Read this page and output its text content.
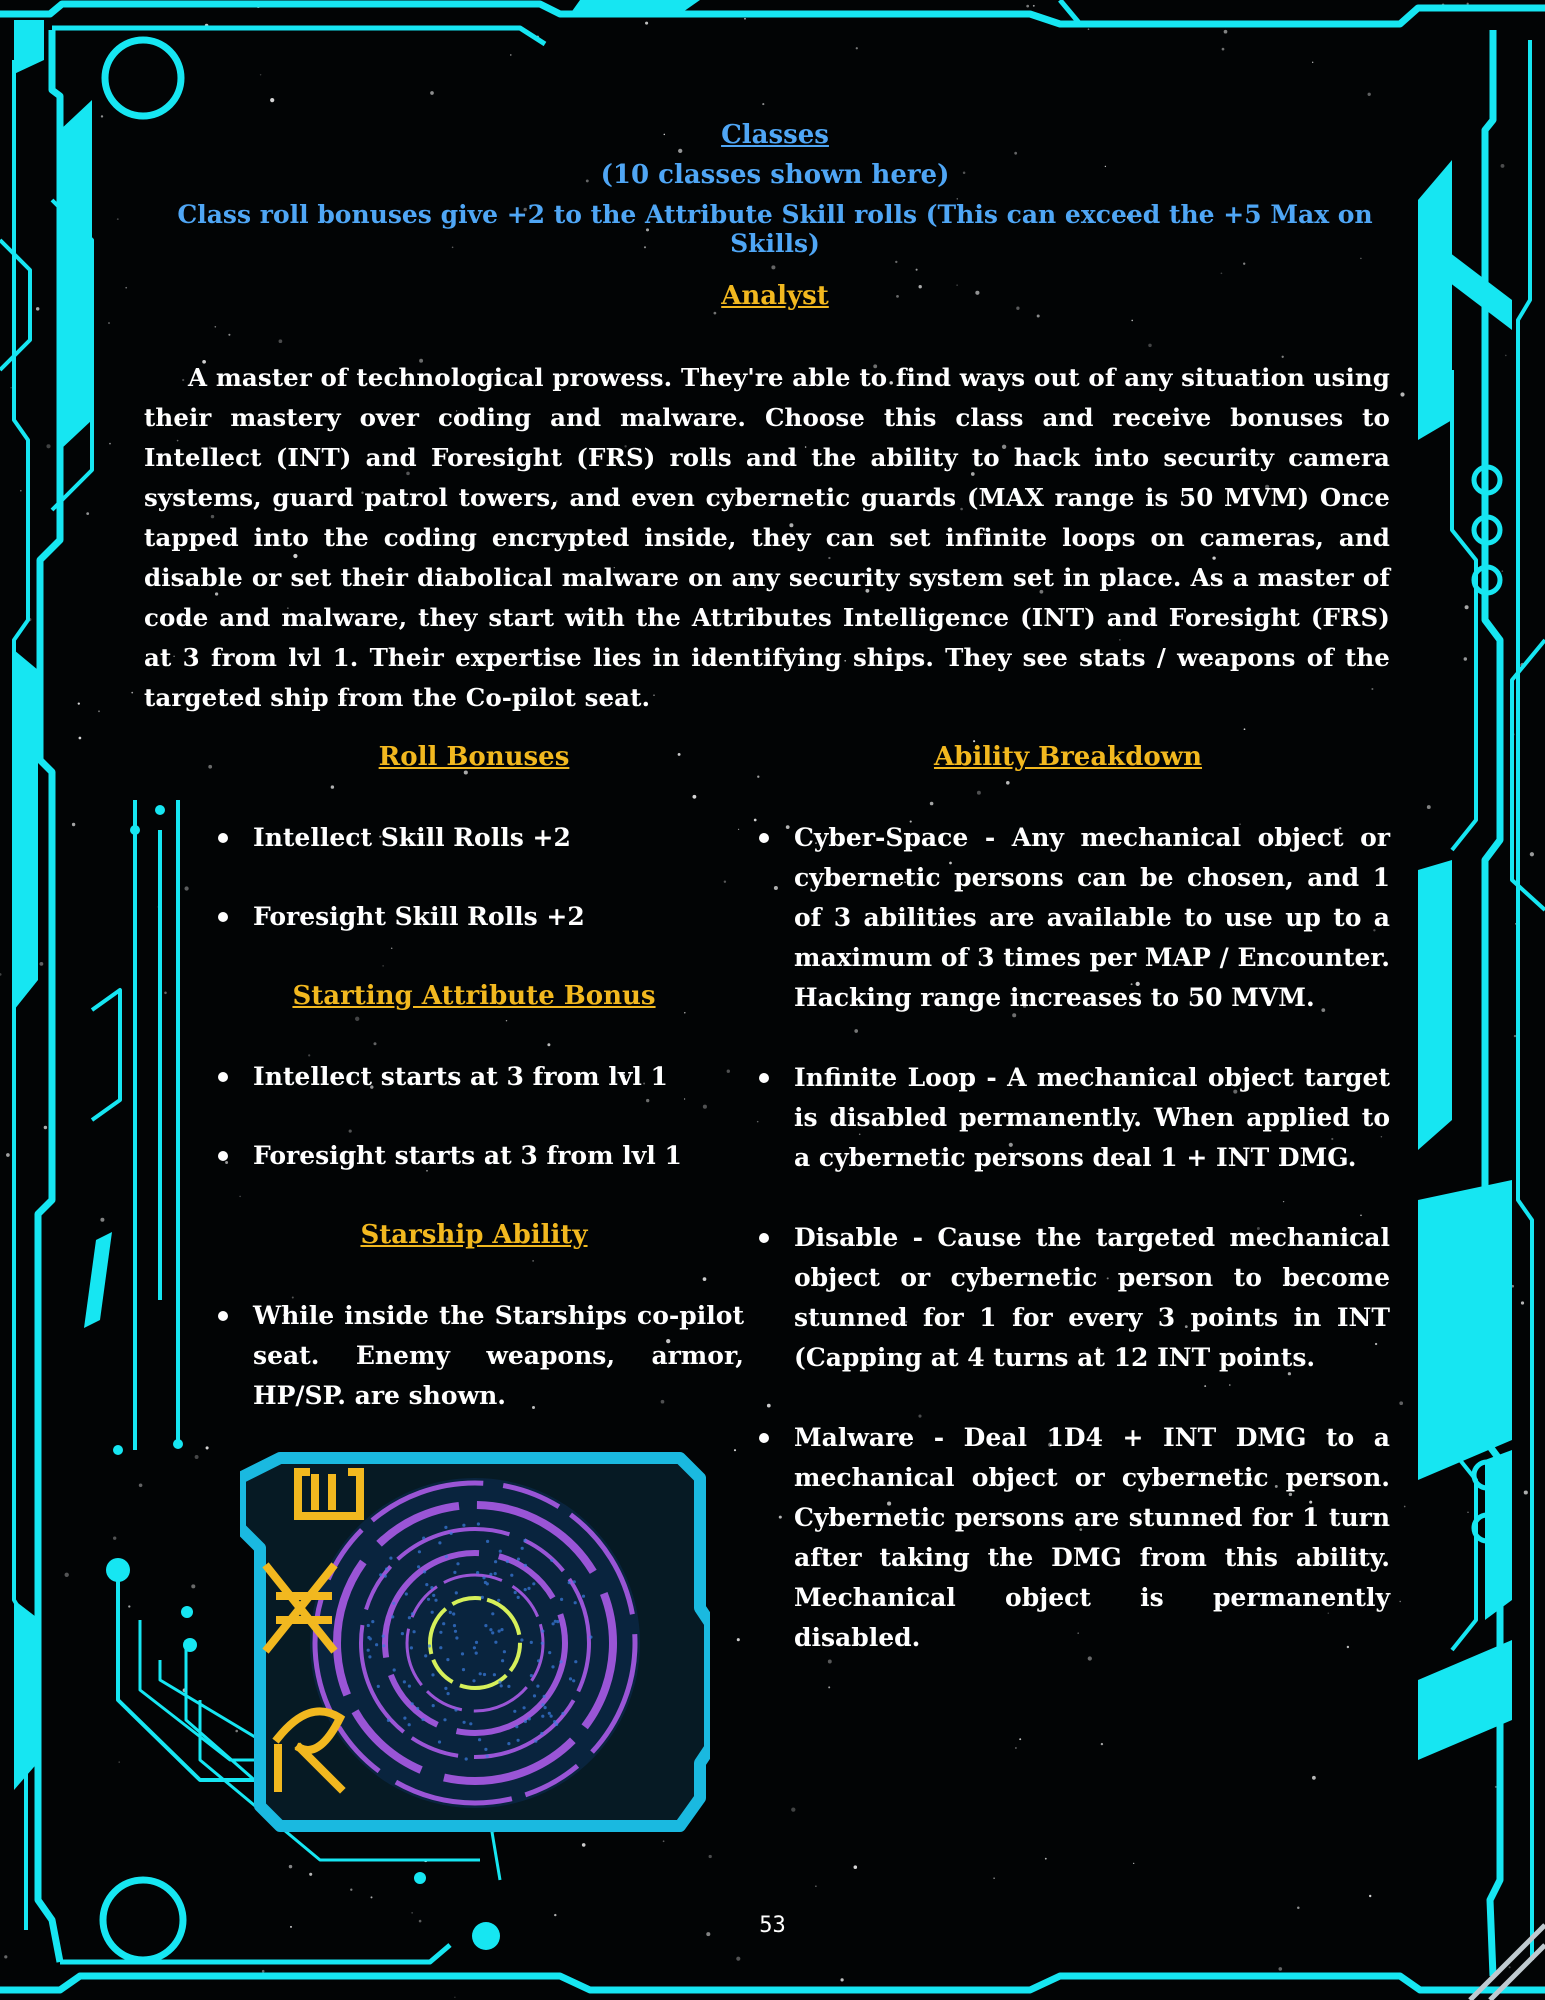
Classes
(10 classes shown here)
Class roll bonuses give +2 to the Attribute Skill rolls (This can exceed the +5 Max on Skills)
Analyst
A master of technological prowess. They're able to find ways out of any situation using their mastery over coding and malware. Choose this class and receive bonuses to Intellect (INT) and Foresight (FRS) rolls and the ability to hack into security camera systems, guard patrol towers, and even cybernetic guards (MAX range is 50 MVM) Once tapped into the coding encrypted inside, they can set infinite loops on cameras, and disable or set their diabolical malware on any security system set in place. As a master of code and malware, they start with the Attributes Intelligence (INT) and Foresight (FRS) at 3 from lvl 1. Their expertise lies in identifying ships. They see stats / weapons of the targeted ship from the Co-pilot seat.
Roll Bonuses
Intellect Skill Rolls +2
Foresight Skill Rolls +2
Starting Attribute Bonus
Intellect starts at 3 from lvl 1
Foresight starts at 3 from lvl 1
Starship Ability
While inside the Starships co-pilot seat. Enemy weapons, armor, HP/SP. are shown.
Ability Breakdown
Cyber-Space - Any mechanical object or cybernetic persons can be chosen, and 1 of 3 abilities are available to use up to a maximum of 3 times per MAP / Encounter. Hacking range increases to 50 MVM.
Infinite Loop - A mechanical object target is disabled permanently. When applied to a cybernetic persons deal 1 + INT DMG.
Disable - Cause the targeted mechanical object or cybernetic person to become stunned for 1 for every 3 points in INT (Capping at 4 turns at 12 INT points.
Malware - Deal 1D4 + INT DMG to a mechanical object or cybernetic person. Cybernetic persons are stunned for 1 turn after taking the DMG from this ability. Mechanical object is permanently disabled.
53
